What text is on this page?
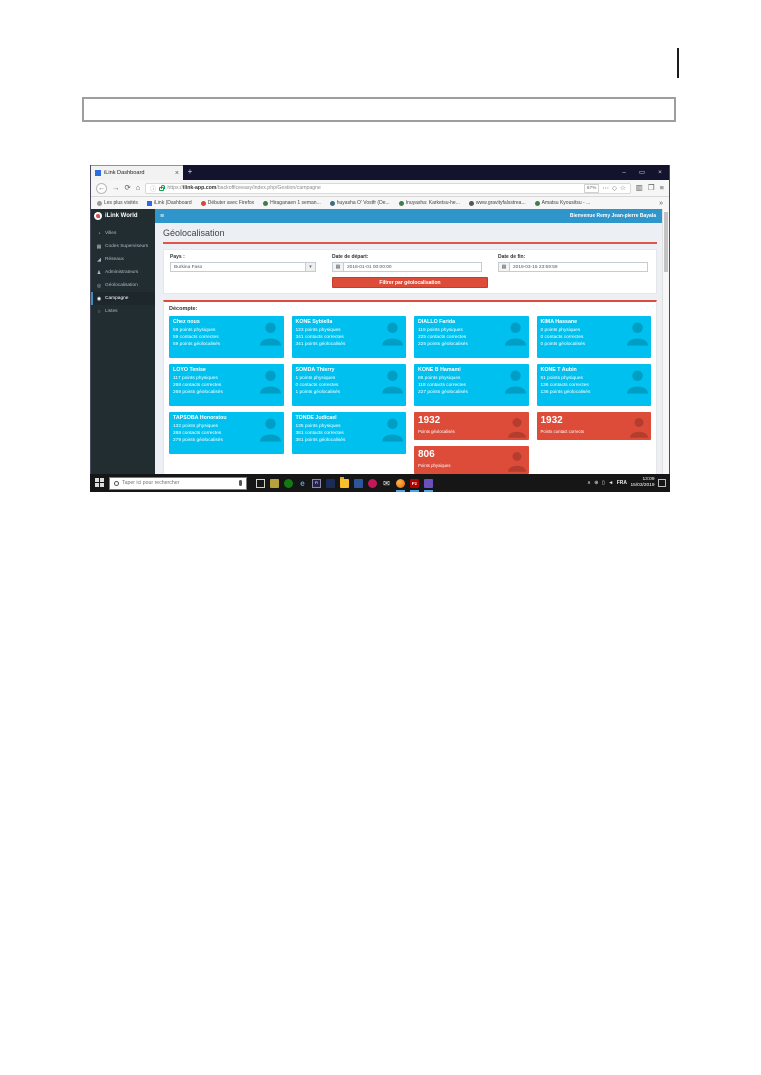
iLink Dashboard	×	+	–	▭	×
← → ⟳ ⌂ ⓘ https://ilink-app.com/backofficeeasy/index.php/Gestion/campagne	67% ⋯ ◇ ☆ ▥ ❐ ≡
Les plus visités	iLink (Dashboard	Débuter avec Firefox	Hiraganaen 1 seman...	huyasha O' Vostfr (De...	Inuyasha: Karketsu-he...	www.gravityfalsstrea...	Amatsu Kyousitsu - ...	»
iLink World	≡	Bienvenue Remy Jean-pierre Bayala
◔ Villes
▦ Codes Superviseurs
◢ Réseaux
♟ Administrateurs
◎ Géolocalisation
◉ Campagne
○ Listes
Géolocalisation
Pays :
Burkina Faso	▾
Date de départ:
▦	2018-01-01 00:00:00
Date de fin:
▦	2019-03-15 23:59:59
Filtrer par géolocalisation
Décompte:
Chez nous
59 points physiques
59 contacts correctes
59 points géolocalisés
LOYO Tenise
117 points physiques
268 contacts correctes
268 points géolocalisés
TAPSOBA Honoratou
132 points physiques
268 contacts correctes
279 points géolocalisés
KONE Sybiella
123 points physiques
341 contacts correctes
341 points géolocalisés
SOMDA Thierry
1 points physiques
0 contacts correctes
1 points géolocalisés
TONDE Judicael
135 points physiques
381 contacts correctes
381 points géolocalisés
DIALLO Farida
119 points physiques
225 contacts correctes
225 points géolocalisés
KONE B Hamami
86 points physiques
118 contacts correctes
227 points géolocalisés
1932
Points géolocalisés
806
Points physiques
KIMA Hassane
0 points physiques
0 contacts correctes
0 points géolocalisés
KONE T Aubin
51 points physiques
136 contacts correctes
136 points géolocalisés
1932
Points contact corrects
Taper ici pour rechercher
e	Fl	✉	Fz	∧ ⊕ ▯ ◄ FRA
13:09
15/03/2019
